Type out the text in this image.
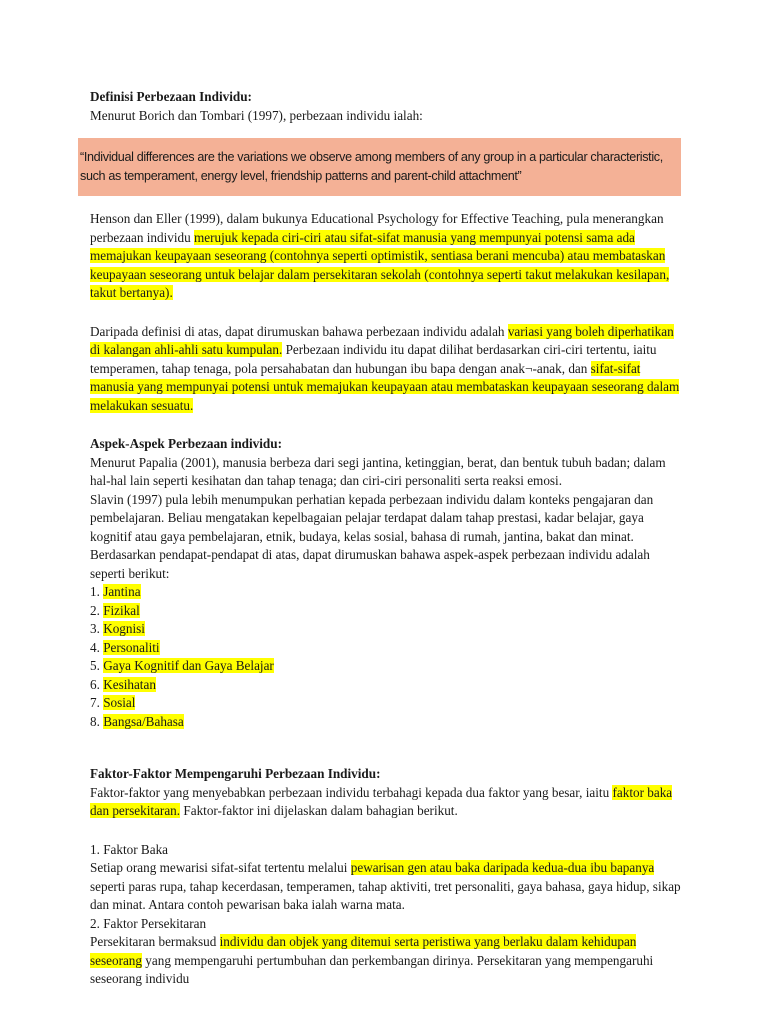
Definisi Perbezaan Individu:

Menurut Borich dan Tombari (1997), perbezaan individu ialah:

“Individual differences are the variations we observe among members of any group in a particular characteristic, such as temperament, energy level, friendship patterns and parent-child attachment”

Henson dan Eller (1999), dalam bukunya Educational Psychology for Effective Teaching, pula menerangkan perbezaan individu merujuk kepada ciri-ciri atau sifat-sifat manusia yang mempunyai potensi sama ada memajukan keupayaan seseorang (contohnya seperti optimistik, sentiasa berani mencuba) atau membataskan keupayaan seseorang untuk belajar dalam persekitaran sekolah (contohnya seperti takut melakukan kesilapan, takut bertanya).

Daripada definisi di atas, dapat dirumuskan bahawa perbezaan individu adalah variasi yang boleh diperhatikan di kalangan ahli-ahli satu kumpulan. Perbezaan individu itu dapat dilihat berdasarkan ciri-ciri tertentu, iaitu temperamen, tahap tenaga, pola persahabatan dan hubungan ibu bapa dengan anak¬-anak, dan sifat-sifat manusia yang mempunyai potensi untuk memajukan keupayaan atau membataskan keupayaan seseorang dalam melakukan sesuatu.

Aspek-Aspek Perbezaan individu:

Menurut Papalia (2001), manusia berbeza dari segi jantina, ketinggian, berat, dan bentuk tubuh badan; dalam hal-hal lain seperti kesihatan dan tahap tenaga; dan ciri-ciri personaliti serta reaksi emosi.

Slavin (1997) pula lebih menumpukan perhatian kepada perbezaan individu dalam konteks pengajaran dan pembelajaran. Beliau mengatakan kepelbagaian pelajar terdapat dalam tahap prestasi, kadar belajar, gaya kognitif atau gaya pembelajaran, etnik, budaya, kelas sosial, bahasa di rumah, jantina, bakat dan minat.

Berdasarkan pendapat-pendapat di atas, dapat dirumuskan bahawa aspek-aspek perbezaan individu adalah seperti berikut:

1. Jantina

2. Fizikal

3. Kognisi

4. Personaliti

5. Gaya Kognitif dan Gaya Belajar

6. Kesihatan

7. Sosial

8. Bangsa/Bahasa

Faktor-Faktor Mempengaruhi Perbezaan Individu:

Faktor-faktor yang menyebabkan perbezaan individu terbahagi kepada dua faktor yang besar, iaitu faktor baka dan persekitaran. Faktor-faktor ini dijelaskan dalam bahagian berikut.

1. Faktor Baka

Setiap orang mewarisi sifat-sifat tertentu melalui pewarisan gen atau baka daripada kedua-dua ibu bapanya seperti paras rupa, tahap kecerdasan, temperamen, tahap aktiviti, tret personaliti, gaya bahasa, gaya hidup, sikap dan minat. Antara contoh pewarisan baka ialah warna mata.

2. Faktor Persekitaran

Persekitaran bermaksud individu dan objek yang ditemui serta peristiwa yang berlaku dalam kehidupan seseorang yang mempengaruhi pertumbuhan dan perkembangan dirinya. Persekitaran yang mempengaruhi seseorang individu
